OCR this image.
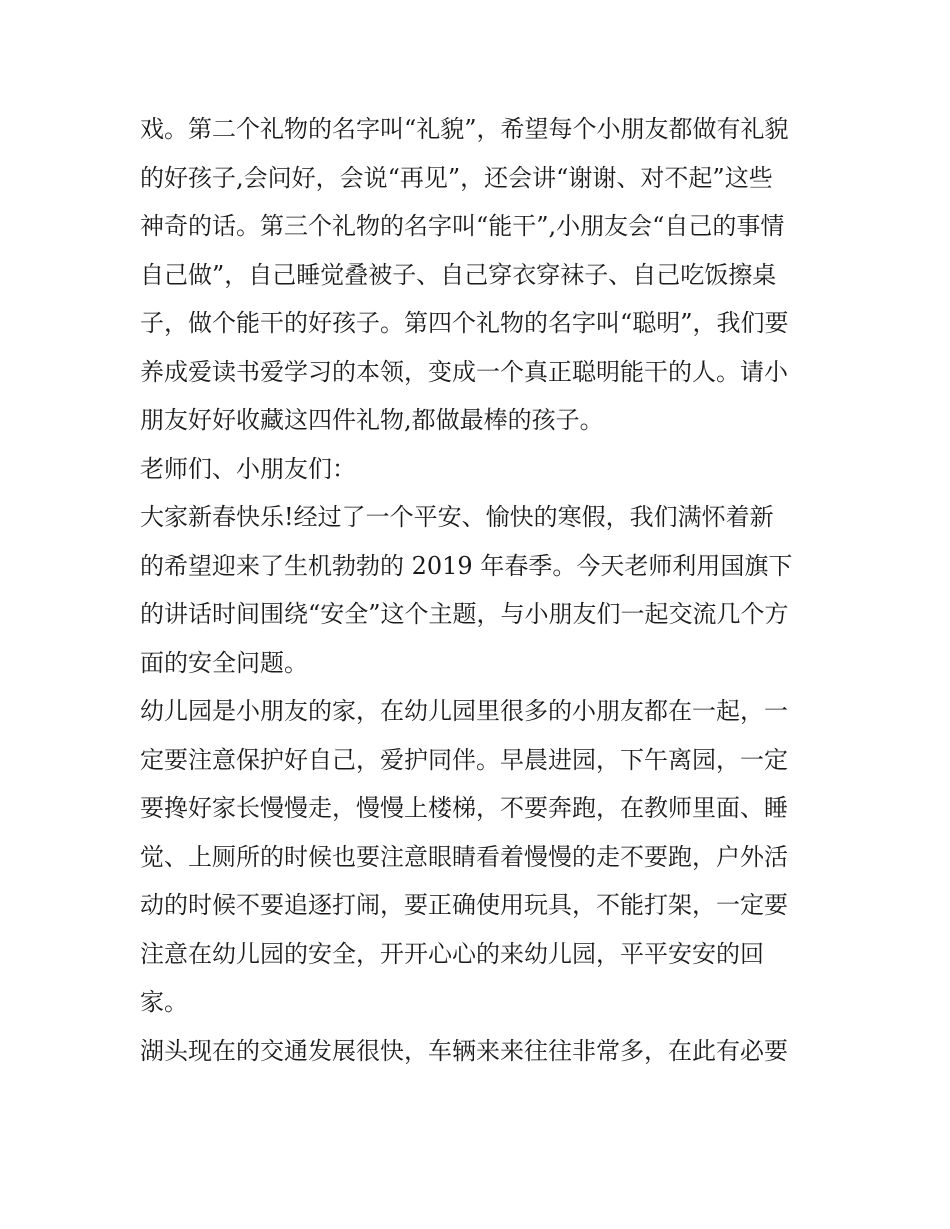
戏。第二个礼物的名字叫“礼貌”，希望每个小朋友都做有礼貌
的好孩子,会问好，会说“再见”，还会讲“谢谢、对不起”这些
神奇的话。第三个礼物的名字叫“能干”,小朋友会“自己的事情
自己做”，自己睡觉叠被子、自己穿衣穿袜子、自己吃饭擦桌
子，做个能干的好孩子。第四个礼物的名字叫“聪明”，我们要
养成爱读书爱学习的本领，变成一个真正聪明能干的人。请小
朋友好好收藏这四件礼物,都做最棒的孩子。
老师们、小朋友们：
大家新春快乐!经过了一个平安、愉快的寒假，我们满怀着新
的希望迎来了生机勃勃的 2019 年春季。今天老师利用国旗下
的讲话时间围绕“安全”这个主题，与小朋友们一起交流几个方
面的安全问题。
幼儿园是小朋友的家，在幼儿园里很多的小朋友都在一起，一
定要注意保护好自己，爱护同伴。早晨进园，下午离园，一定
要搀好家长慢慢走，慢慢上楼梯，不要奔跑，在教师里面、睡
觉、上厕所的时候也要注意眼睛看着慢慢的走不要跑，户外活
动的时候不要追逐打闹，要正确使用玩具，不能打架，一定要
注意在幼儿园的安全，开开心心的来幼儿园，平平安安的回
家。
湖头现在的交通发展很快，车辆来来往往非常多，在此有必要
